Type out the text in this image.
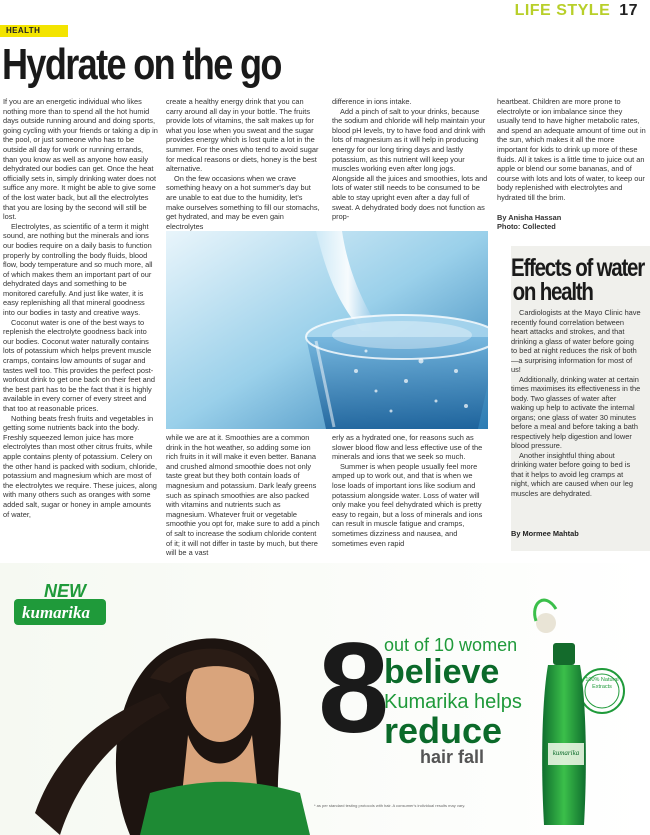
LIFE STYLE 17
HEALTH
Hydrate on the go

If you are an energetic individual who likes nothing more than to spend all the hot humid days outside running around and doing sports, going cycling with your friends or taking a dip in the pool, or just someone who has to be outside all day for work or running errands, than you know as well as anyone how easily dehydrated our bodies can get. Once the heat officially sets in, simply drinking water does not suffice any more. It might be able to give some of the lost water back, but all the electrolytes that you are losing by the second will still be lost.

Electrolytes, as scientific of a term it might sound, are nothing but the minerals and ions our bodies require on a daily basis to function properly by controlling the body fluids, blood flow, body temperature and so much more, all of which makes them an important part of our dehydrated days and something to be monitored carefully. And just like water, it is easy replenishing all that mineral goodness into our bodies in tasty and creative ways.

Coconut water is one of the best ways to replenish the electrolyte goodness back into our bodies. Coconut water naturally contains lots of potassium which helps prevent muscle cramps, contains low amounts of sugar and tastes well too. This provides the perfect post-workout drink to get one back on their feet and the best part has to be the fact that it is highly available in every corner of every street and that too at reasonable prices.

Nothing beats fresh fruits and vegetables in getting some nutrients back into the body. Freshly squeezed lemon juice has more electrolytes than most other citrus fruits, while apple contains plenty of potassium. Celery on the other hand is packed with sodium, chloride, potassium and magnesium which are most of the electrolytes we require. These juices, along with many others such as oranges with some added salt, sugar or honey in ample amounts of water,

create a healthy energy drink that you can carry around all day in your bottle. The fruits provide lots of vitamins, the salt makes up for what you lose when you sweat and the sugar provides energy which is lost quite a lot in the summer. For the ones who tend to avoid sugar for medical reasons or diets, honey is the best alternative.

On the few occasions when we crave something heavy on a hot summer's day but are unable to eat due to the humidity, let's make ourselves something to fill our stomachs, get hydrated, and may be even gain electrolytes

difference in ions intake.

Add a pinch of salt to your drinks, because the sodium and chloride will help maintain your blood pH levels, try to have food and drink with lots of magnesium as it will help in producing energy for our long tiring days and lastly potassium, as this nutrient will keep your muscles working even after long jogs. Alongside all the juices and smoothies, lots and lots of water still needs to be consumed to be able to stay upright even after a day full of sweat. A dehydrated body does not function as prop-

heartbeat. Children are more prone to electrolyte or ion imbalance since they usually tend to have higher metabolic rates, and spend an adequate amount of time out in the sun, which makes it all the more important for kids to drink up more of these fluids. All it takes is a little time to juice out an apple or blend our some bananas, and of course with lots and lots of water, to keep our body replenished with electrolytes and hydrated till the brim.

By Anisha Hassan

Photo: Collected

while we are at it. Smoothies are a common drink in the hot weather, so adding some ion rich fruits in it will make it even better. Banana and crushed almond smoothie does not only taste great but they both contain loads of magnesium and potassium. Dark leafy greens such as spinach smoothies are also packed with vitamins and nutrients such as magnesium. Whatever fruit or vegetable smoothie you opt for, make sure to add a pinch of salt to increase the sodium chloride content of it; it will not differ in taste by much, but there will be a vast

erly as a hydrated one, for reasons such as slower blood flow and less effective use of the minerals and ions that we seek so much.

Summer is when people usually feel more amped up to work out, and that is when we lose loads of important ions like sodium and potassium alongside water. Loss of water will only make you feel dehydrated which is pretty easy to regain, but a loss of minerals and ions can result in muscle fatigue and cramps, sometimes dizziness and nausea, and sometimes even rapid

Effects of water
on health

Cardiologists at the Mayo Clinic have recently found correlation between heart attacks and strokes, and that drinking a glass of water before going to bed at night reduces the risk of both—a surprising information for most of us!

Additionally, drinking water at certain times maximises its effectiveness in the body. Two glasses of water after waking up help to activate the internal organs; one glass of water 30 minutes before a meal and before taking a bath respectively help digestion and lower blood pressure.

Another insightful thing about drinking water before going to bed is that it helps to avoid leg cramps at night, which are caused when our leg muscles are dehydrated.

By Mormee Mahtab
NEW
kumarika
8
out of 10 women
believe
Kumarika helps
reduce
hair fall
100% Natural Extracts
kumarika
* as per standard testing protocols with hair. A consumer's individual results may vary.
